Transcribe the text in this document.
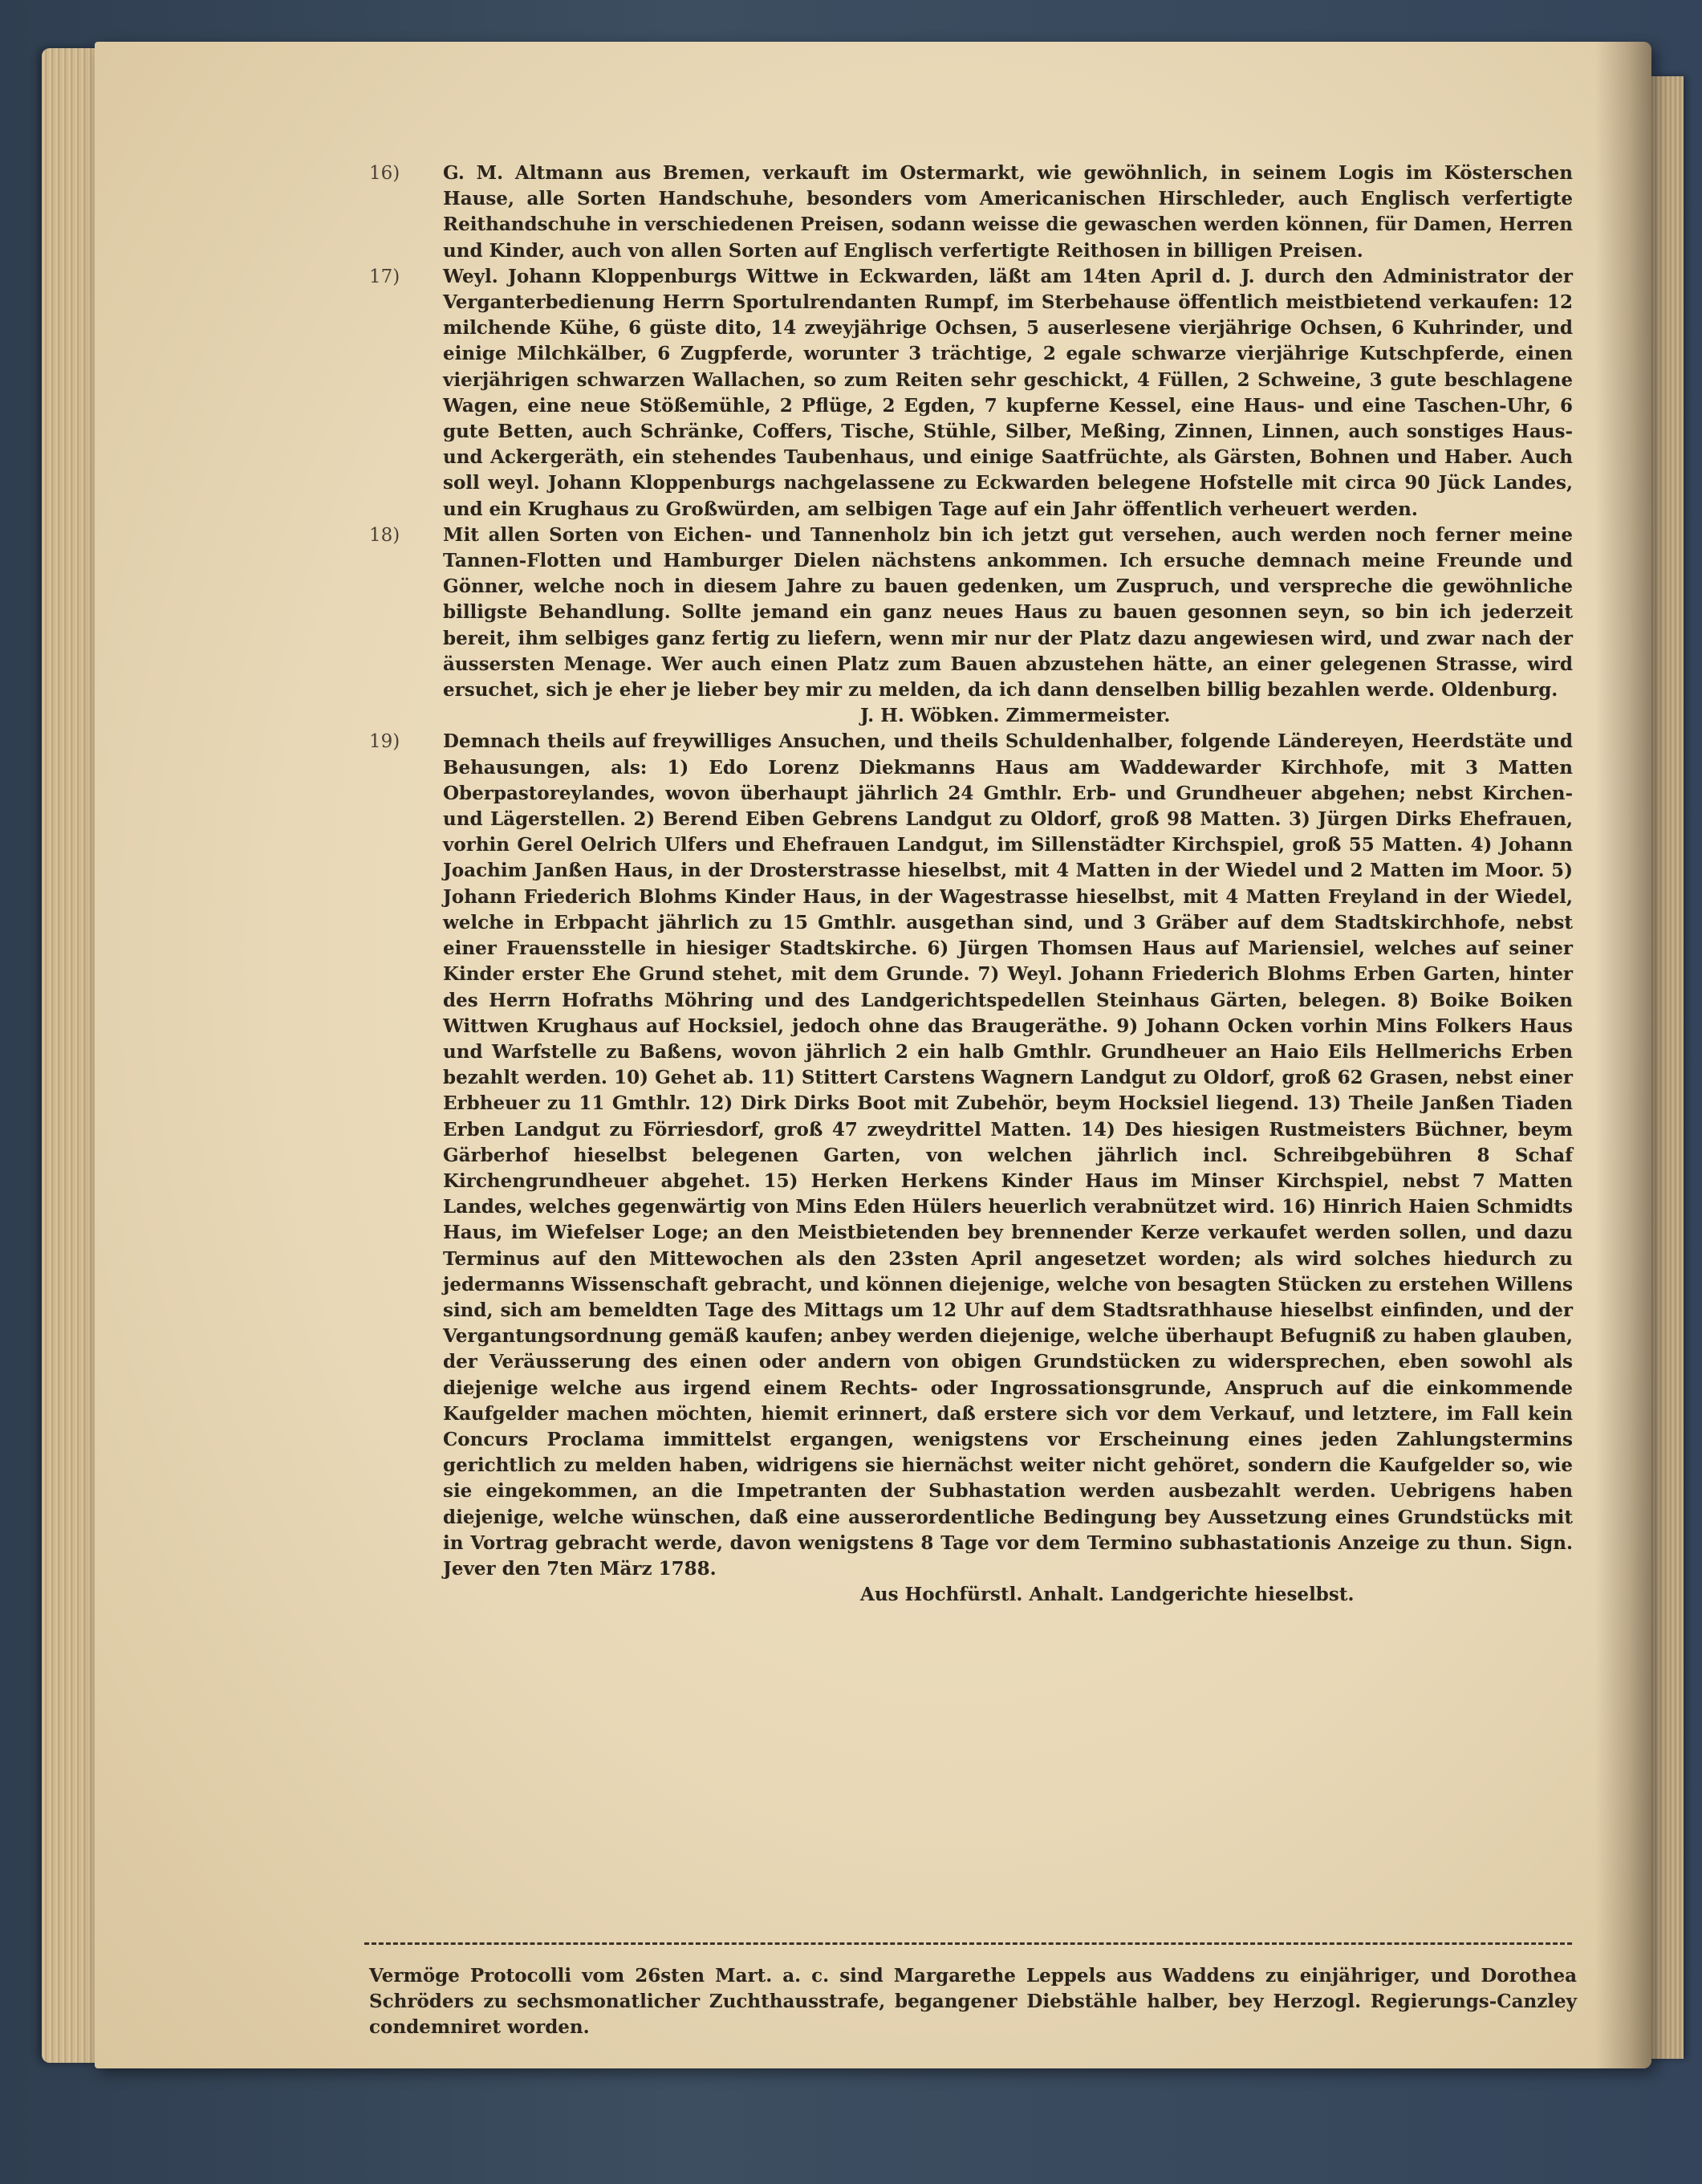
16) G. M. Altmann aus Bremen, verkauft im Ostermarkt, wie gewöhnlich, in seinem Logis im Kösterschen Hause, alle Sorten Handschuhe, besonders vom Americanischen Hirschleder, auch Englisch verfertigte Reithandschuhe in verschiedenen Preisen, sodann weisse die gewaschen werden können, für Damen, Herren und Kinder, auch von allen Sorten auf Englisch verfertigte Reithosen in billigen Preisen.
17) Weyl. Johann Kloppenburgs Wittwe in Eckwarden, läßt am 14ten April d. J. durch den Administrator der Verganterbedienung Herrn Sportulrendanten Rumpf, im Sterbehause öffentlich meistbietend verkaufen: 12 milchende Kühe, 6 güste dito, 14 zweyjährige Ochsen, 5 auserlesene vierjährige Ochsen, 6 Kuhrinder, und einige Milchkälber, 6 Zugpferde, worunter 3 trächtige, 2 egale schwarze vierjährige Kutschpferde, einen vierjährigen schwarzen Wallachen, so zum Reiten sehr geschickt, 4 Füllen, 2 Schweine, 3 gute beschlagene Wagen, eine neue Stößemühle, 2 Pflüge, 2 Egden, 7 kupferne Kessel, eine Haus- und eine Taschen-Uhr, 6 gute Betten, auch Schränke, Coffers, Tische, Stühle, Silber, Meßing, Zinnen, Linnen, auch sonstiges Haus- und Ackergeräth, ein stehendes Taubenhaus, und einige Saatfrüchte, als Gärsten, Bohnen und Haber. Auch soll weyl. Johann Kloppenburgs nachgelassene zu Eckwarden belegene Hofstelle mit circa 90 Jück Landes, und ein Krughaus zu Großwürden, am selbigen Tage auf ein Jahr öffentlich verheuert werden.
18) Mit allen Sorten von Eichen- und Tannenholz bin ich jetzt gut versehen, auch werden noch ferner meine Tannen-Flotten und Hamburger Dielen nächstens ankommen. Ich ersuche demnach meine Freunde und Gönner, welche noch in diesem Jahre zu bauen gedenken, um Zuspruch, und verspreche die gewöhnliche billigste Behandlung. Sollte jemand ein ganz neues Haus zu bauen gesonnen seyn, so bin ich jederzeit bereit, ihm selbiges ganz fertig zu liefern, wenn mir nur der Platz dazu angewiesen wird, und zwar nach der äussersten Menage. Wer auch einen Platz zum Bauen abzustehen hätte, an einer gelegenen Strasse, wird ersuchet, sich je eher je lieber bey mir zu melden, da ich dann denselben billig bezahlen werde. Oldenburg.

J. H. Wöbken. Zimmermeister.

19) Demnach theils auf freywilliges Ansuchen, und theils Schuldenhalber, folgende Ländereyen, Heerdstäte und Behausungen, als: 1) Edo Lorenz Diekmanns Haus am Waddewarder Kirchhofe, mit 3 Matten Oberpastoreylandes, wovon überhaupt jährlich 24 Gmthlr. Erb- und Grundheuer abgehen; nebst Kirchen- und Lägerstellen. 2) Berend Eiben Gebrens Landgut zu Oldorf, groß 98 Matten. 3) Jürgen Dirks Ehefrauen, vorhin Gerel Oelrich Ulfers und Ehefrauen Landgut, im Sillenstädter Kirchspiel, groß 55 Matten. 4) Johann Joachim Janßen Haus, in der Drosterstrasse hieselbst, mit 4 Matten in der Wiedel und 2 Matten im Moor. 5) Johann Friederich Blohms Kinder Haus, in der Wagestrasse hieselbst, mit 4 Matten Freyland in der Wiedel, welche in Erbpacht jährlich zu 15 Gmthlr. ausgethan sind, und 3 Gräber auf dem Stadtskirchhofe, nebst einer Frauensstelle in hiesiger Stadtskirche. 6) Jürgen Thomsen Haus auf Mariensiel, welches auf seiner Kinder erster Ehe Grund stehet, mit dem Grunde. 7) Weyl. Johann Friederich Blohms Erben Garten, hinter des Herrn Hofraths Möhring und des Landgerichtspedellen Steinhaus Gärten, belegen. 8) Boike Boiken Wittwen Krughaus auf Hocksiel, jedoch ohne das Braugeräthe. 9) Johann Ocken vorhin Mins Folkers Haus und Warfstelle zu Baßens, wovon jährlich 2 ein halb Gmthlr. Grundheuer an Haio Eils Hellmerichs Erben bezahlt werden. 10) Gehet ab. 11) Stittert Carstens Wagnern Landgut zu Oldorf, groß 62 Grasen, nebst einer Erbheuer zu 11 Gmthlr. 12) Dirk Dirks Boot mit Zubehör, beym Hocksiel liegend. 13) Theile Janßen Tiaden Erben Landgut zu Förriesdorf, groß 47 zweydrittel Matten. 14) Des hiesigen Rustmeisters Büchner, beym Gärberhof hieselbst belegenen Garten, von welchen jährlich incl. Schreibgebühren 8 Schaf Kirchengrundheuer abgehet. 15) Herken Herkens Kinder Haus im Minser Kirchspiel, nebst 7 Matten Landes, welches gegenwärtig von Mins Eden Hülers heuerlich verabnützet wird. 16) Hinrich Haien Schmidts Haus, im Wiefelser Loge; an den Meistbietenden bey brennender Kerze verkaufet werden sollen, und dazu Terminus auf den Mittewochen als den 23sten April angesetzet worden; als wird solches hiedurch zu jedermanns Wissenschaft gebracht, und können diejenige, welche von besagten Stücken zu erstehen Willens sind, sich am bemeldten Tage des Mittags um 12 Uhr auf dem Stadtsrathhause hieselbst einfinden, und der Vergantungsordnung gemäß kaufen; anbey werden diejenige, welche überhaupt Befugniß zu haben glauben, der Veräusserung des einen oder andern von obigen Grundstücken zu widersprechen, eben sowohl als diejenige welche aus irgend einem Rechts- oder Ingrossationsgrunde, Anspruch auf die einkommende Kaufgelder machen möchten, hiemit erinnert, daß erstere sich vor dem Verkauf, und letztere, im Fall kein Concurs Proclama immittelst ergangen, wenigstens vor Erscheinung eines jeden Zahlungstermins gerichtlich zu melden haben, widrigens sie hiernächst weiter nicht gehöret, sondern die Kaufgelder so, wie sie eingekommen, an die Impetranten der Subhastation werden ausbezahlt werden. Uebrigens haben diejenige, welche wünschen, daß eine ausserordentliche Bedingung bey Aussetzung eines Grundstücks mit in Vortrag gebracht werde, davon wenigstens 8 Tage vor dem Termino subhastationis Anzeige zu thun. Sign. Jever den 7ten März 1788.

Aus Hochfürstl. Anhalt. Landgerichte hieselbst.

Vermöge Protocolli vom 26sten Mart. a. c. sind Margarethe Leppels aus Waddens zu einjähriger, und Dorothea Schröders zu sechsmonatlicher Zuchthausstrafe, begangener Diebstähle halber, bey Herzogl. Regierungs-Canzley condemniret worden.
